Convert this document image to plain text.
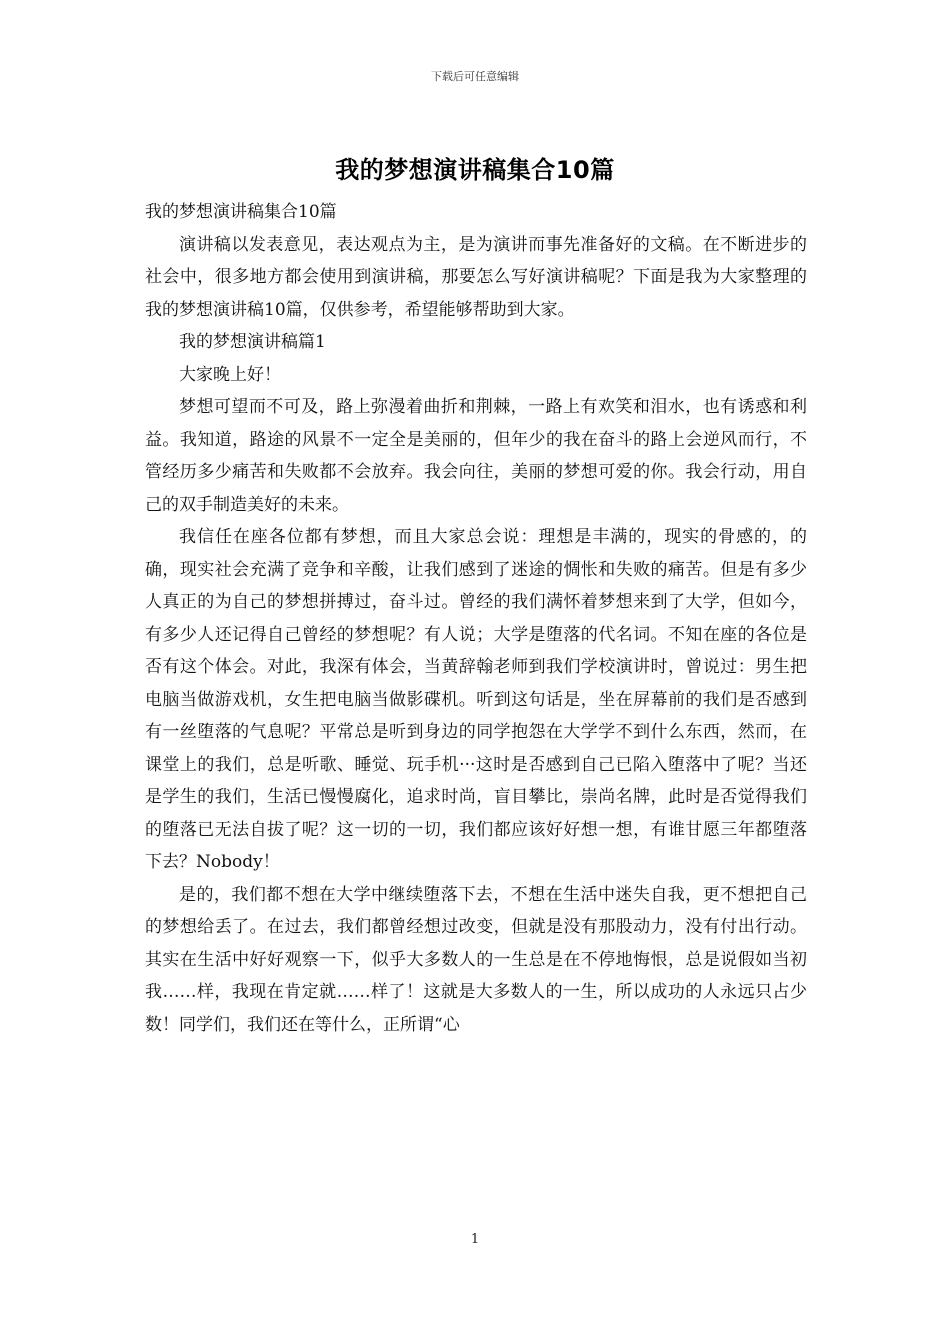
下载后可任意编辑
我的梦想演讲稿集合10篇

我的梦想演讲稿集合10篇

演讲稿以发表意见，表达观点为主，是为演讲而事先准备好的文稿。在不断进步的社会中，很多地方都会使用到演讲稿，那要怎么写好演讲稿呢？下面是我为大家整理的我的梦想演讲稿10篇，仅供参考，希望能够帮助到大家。

我的梦想演讲稿篇1

大家晚上好！

梦想可望而不可及，路上弥漫着曲折和荆棘，一路上有欢笑和泪水，也有诱惑和利益。我知道，路途的风景不一定全是美丽的，但年少的我在奋斗的路上会逆风而行，不管经历多少痛苦和失败都不会放弃。我会向往，美丽的梦想可爱的你。我会行动，用自己的双手制造美好的未来。

我信任在座各位都有梦想，而且大家总会说：理想是丰满的，现实的骨感的，的确，现实社会充满了竞争和辛酸，让我们感到了迷途的惆怅和失败的痛苦。但是有多少人真正的为自己的梦想拼搏过，奋斗过。曾经的我们满怀着梦想来到了大学，但如今，有多少人还记得自己曾经的梦想呢？有人说；大学是堕落的代名词。不知在座的各位是否有这个体会。对此，我深有体会，当黄辞翰老师到我们学校演讲时，曾说过：男生把电脑当做游戏机，女生把电脑当做影碟机。听到这句话是，坐在屏幕前的我们是否感到有一丝堕落的气息呢？平常总是听到身边的同学抱怨在大学学不到什么东西，然而，在课堂上的我们，总是听歌、睡觉、玩手机···这时是否感到自己已陷入堕落中了呢？当还是学生的我们，生活已慢慢腐化，追求时尚，盲目攀比，崇尚名牌，此时是否觉得我们的堕落已无法自拔了呢？这一切的一切，我们都应该好好想一想，有谁甘愿三年都堕落下去？Nobody！

是的，我们都不想在大学中继续堕落下去，不想在生活中迷失自我，更不想把自己的梦想给丢了。在过去，我们都曾经想过改变，但就是没有那股动力，没有付出行动。其实在生活中好好观察一下，似乎大多数人的一生总是在不停地悔恨，总是说假如当初我……样，我现在肯定就……样了！这就是大多数人的一生，所以成功的人永远只占少数！同学们，我们还在等什么，正所谓“心

1
